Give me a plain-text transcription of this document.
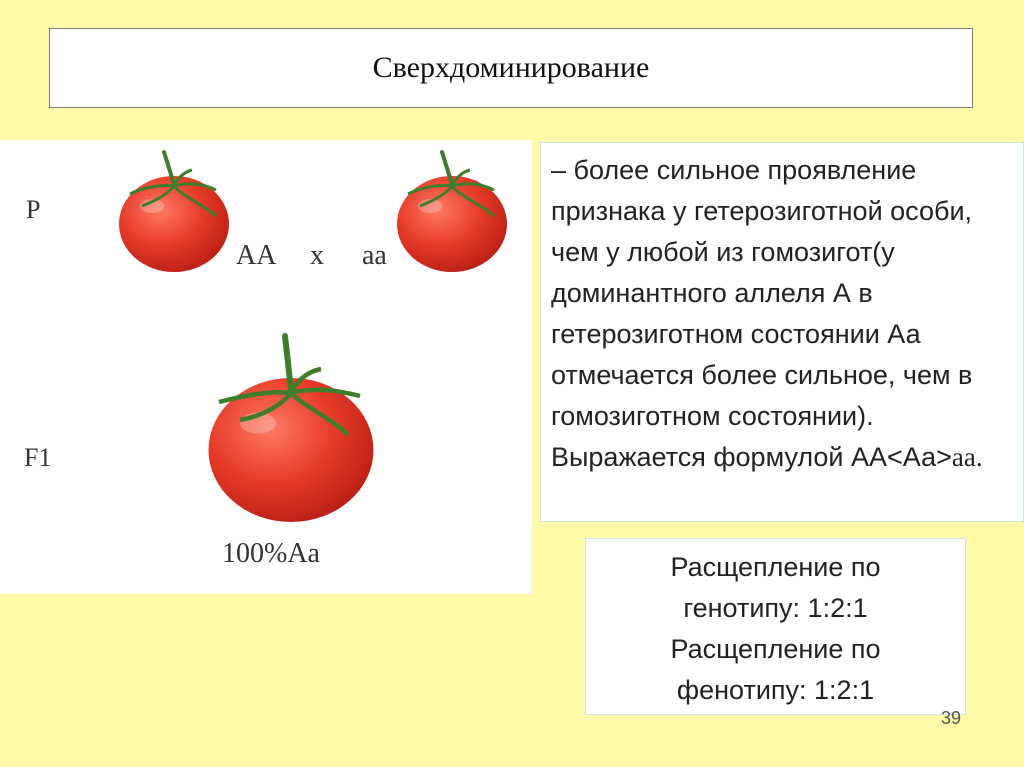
Сверхдоминирование
P
AA x aa
F1
100%Aa
– более сильное проявление признака у гетерозиготной особи, чем у любой из гомозигот(у доминантного аллеля А в гетерозиготном состоянии Аа отмечается более сильное, чем в гомозиготном состоянии). Выражается формулой АА<Аа>аа.
Расщепление по
генотипу: 1:2:1
Расщепление по
фенотипу: 1:2:1
39
